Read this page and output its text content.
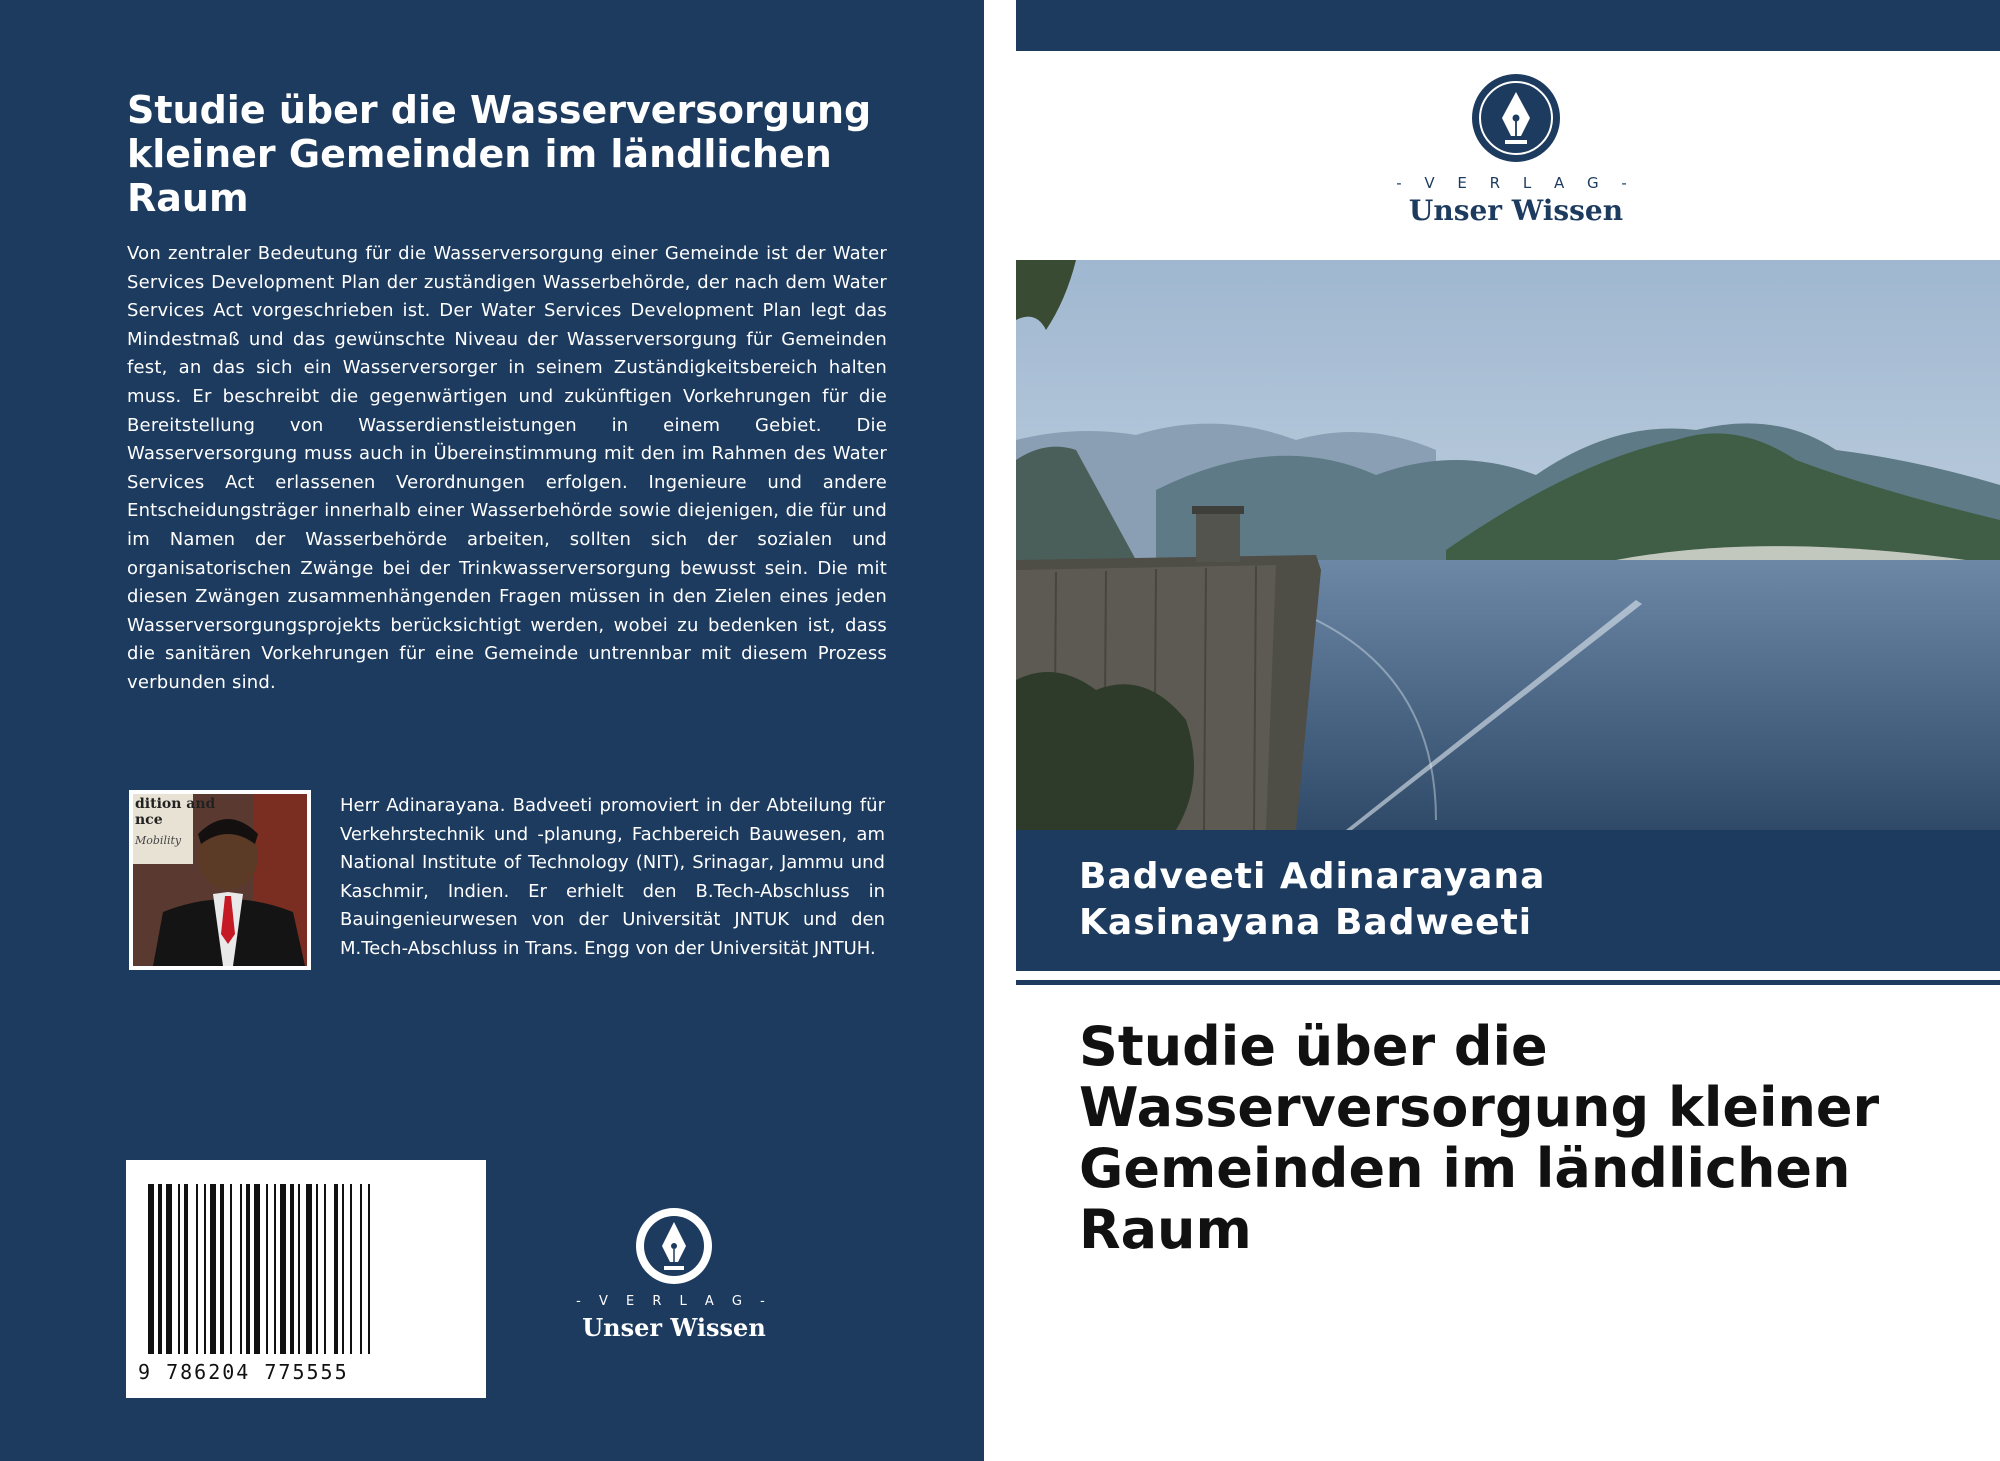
Studie über die Wasserversorgung kleiner Gemeinden im ländlichen Raum

Von zentraler Bedeutung für die Wasserversorgung einer Gemeinde ist der Water Services Development Plan der zuständigen Wasserbehörde, der nach dem Water Services Act vorgeschrieben ist. Der Water Services Development Plan legt das Mindestmaß und das gewünschte Niveau der Wasserversorgung für Gemeinden fest, an das sich ein Wasserversorger in seinem Zuständigkeitsbereich halten muss. Er beschreibt die gegenwärtigen und zukünftigen Vorkehrungen für die Bereitstellung von Wasserdienstleistungen in einem Gebiet. Die Wasserversorgung muss auch in Übereinstimmung mit den im Rahmen des Water Services Act erlassenen Verordnungen erfolgen. Ingenieure und andere Entscheidungsträger innerhalb einer Wasserbehörde sowie diejenigen, die für und im Namen der Wasserbehörde arbeiten, sollten sich der sozialen und organisatorischen Zwänge bei der Trinkwasserversorgung bewusst sein. Die mit diesen Zwängen zusammenhängenden Fragen müssen in den Zielen eines jeden Wasserversorgungsprojekts berücksichtigt werden, wobei zu bedenken ist, dass die sanitären Vorkehrungen für eine Gemeinde untrennbar mit diesem Prozess verbunden sind.

dition and
nce
Mobility

Herr Adinarayana. Badveeti promoviert in der Abteilung für Verkehrstechnik und -planung, Fachbereich Bauwesen, am National Institute of Technology (NIT), Srinagar, Jammu und Kaschmir, Indien. Er erhielt den B.Tech-Abschluss in Bauingenieurwesen von der Universität JNTUK und den M.Tech-Abschluss in Trans. Engg von der Universität JNTUH.

9 786204 775555
- V E R L A G -
Unser Wissen
- V E R L A G -
Unser Wissen
Badveeti Adinarayana
Kasinayana Badweeti
Studie über die Wasserversorgung kleiner Gemeinden im ländlichen Raum
